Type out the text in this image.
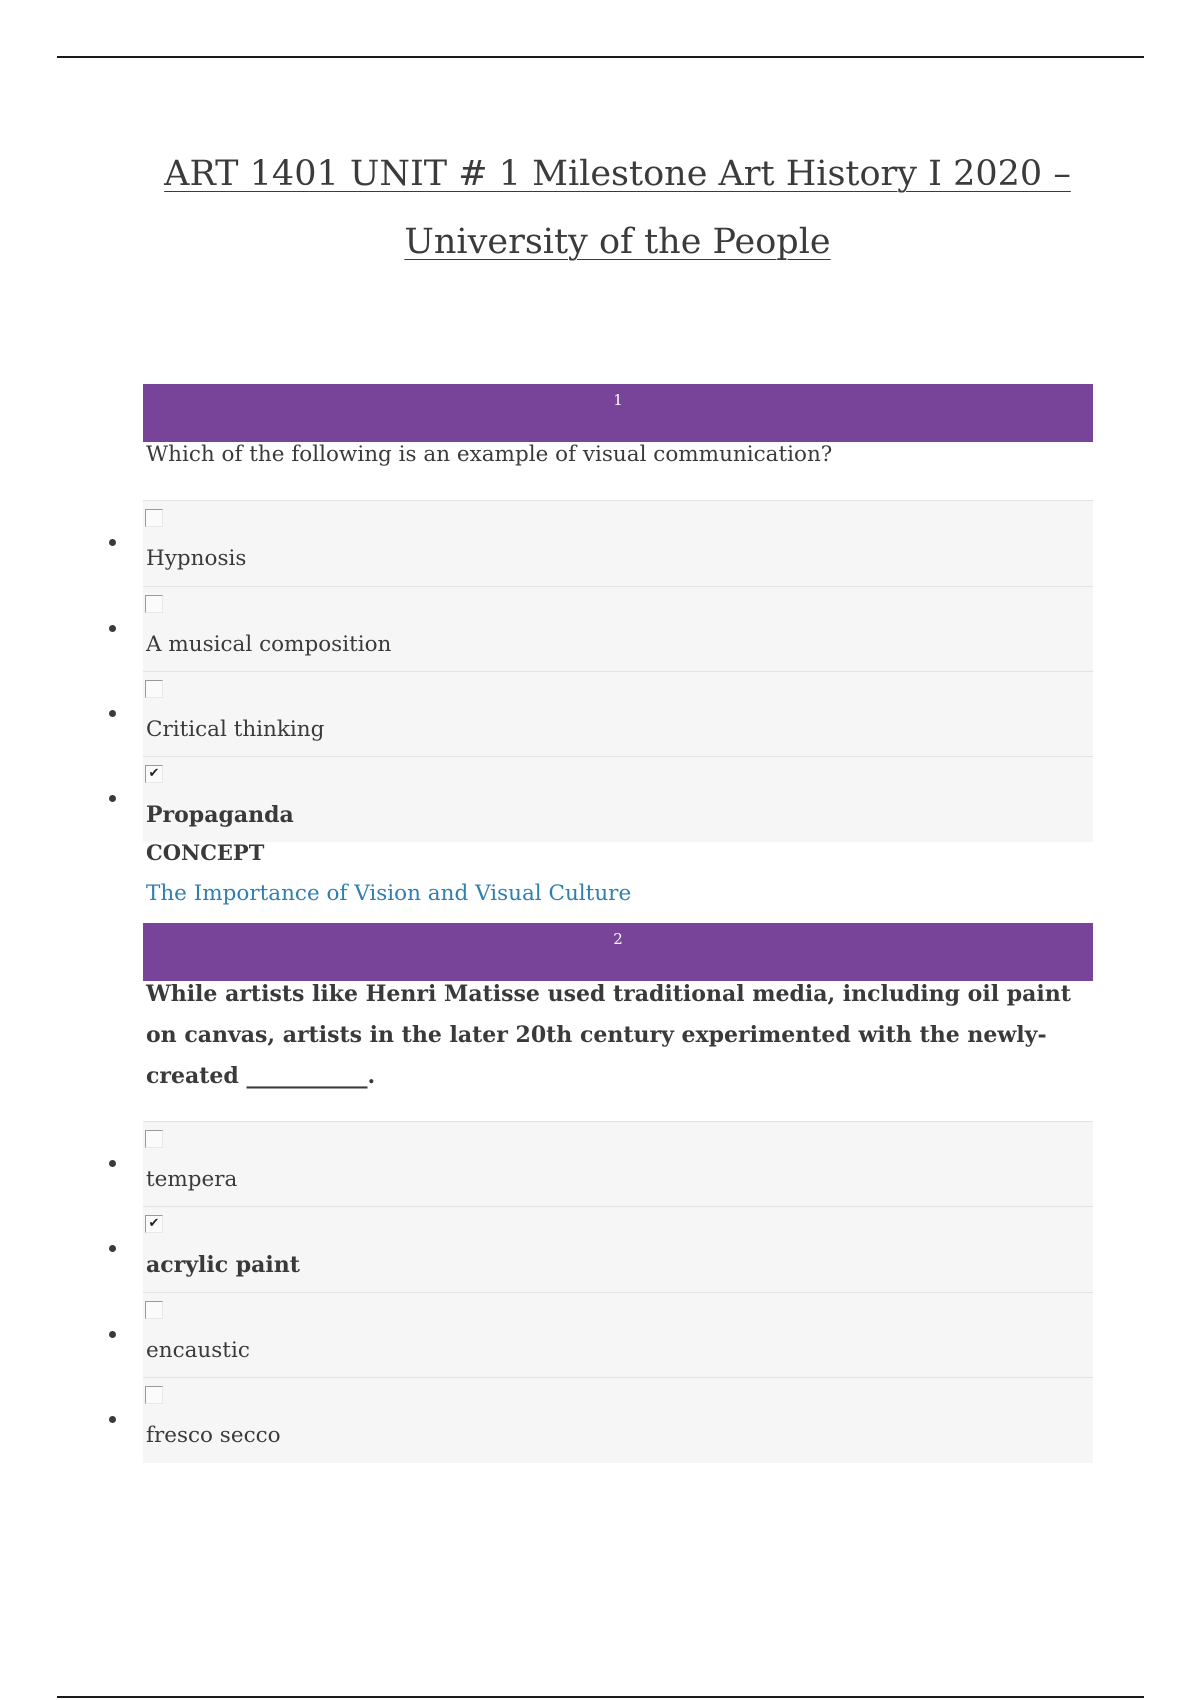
ART 1401 UNIT # 1 Milestone Art History I 2020 –
University of the People
1
Which of the following is an example of visual communication?
Hypnosis
A musical composition
Critical thinking
✔
Propaganda
CONCEPT
The Importance of Vision and Visual Culture
2
While artists like Henri Matisse used traditional media, including oil paint on canvas, artists in the later 20th century experimented with the newly-created ___________.
tempera
✔
acrylic paint
encaustic
fresco secco
